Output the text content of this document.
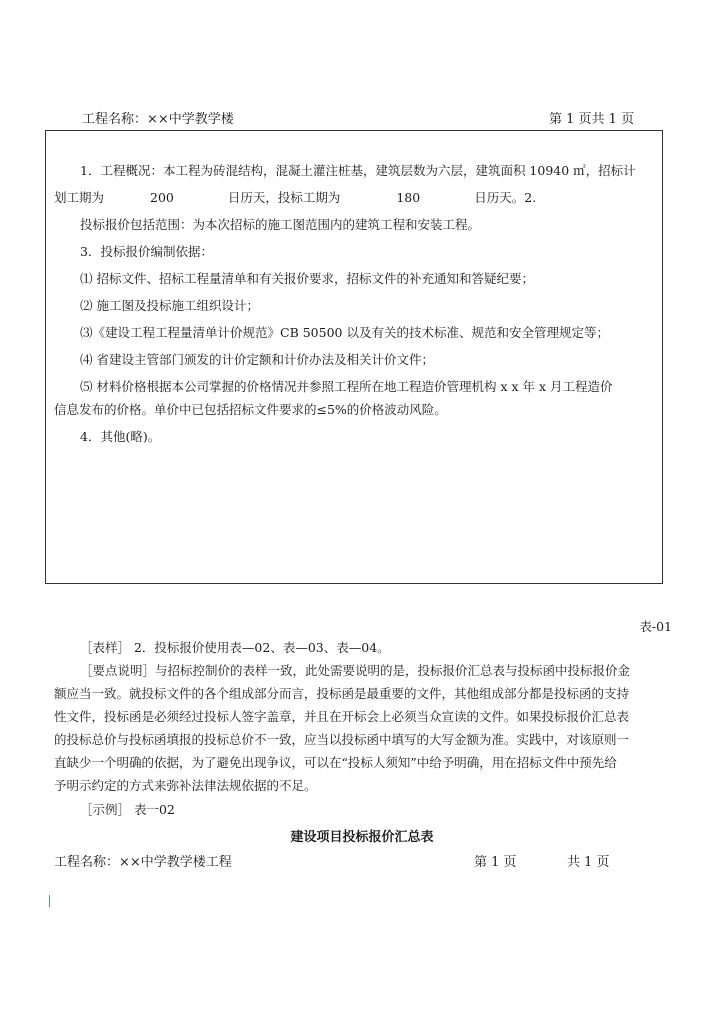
工程名称：××中学教学楼	第 1 页共 1 页
1．工程概况：本工程为砖混结构，混凝土灌注桩基，建筑层数为六层，建筑面积 10940 ㎡，招标计
划工期为	200	日历天，投标工期为	180	日历天。2.
投标报价包括范围：为本次招标的施工图范围内的建筑工程和安装工程。
3．投标报价编制依据：
⑴ 招标文件、招标工程量清单和有关报价要求，招标文件的补充通知和答疑纪要；
⑵ 施工图及投标施工组织设计；
⑶《建设工程工程量清单计价规范》CB 50500 以及有关的技术标准、规范和安全管理规定等；
⑷ 省建设主管部门颁发的计价定额和计价办法及相关计价文件；
⑸ 材料价格根据本公司掌握的价格情况并参照工程所在地工程造价管理机构 x x 年 x 月工程造价
信息发布的价格。单价中已包括招标文件要求的≤5%的价格波动风险。
4．其他(略)。
表-01
［表样］ 2．投标报价使用表—02、表—03、表—04。
［要点说明］与招标控制价的表样一致，此处需要说明的是，投标报价汇总表与投标函中投标报价金
额应当一致。就投标文件的各个组成部分而言，投标函是最重要的文件，其他组成部分都是投标函的支持
性文件，投标函是必须经过投标人签字盖章，并且在开标会上必须当众宣读的文件。如果投标报价汇总表
的投标总价与投标函填报的投标总价不一致，应当以投标函中填写的大写金额为准。实践中，对该原则一
直缺少一个明确的依据，为了避免出现争议，可以在“投标人须知”中给予明确，用在招标文件中预先给
予明示约定的方式来弥补法律法规依据的不足。
［示例］ 表一02
建设项目投标报价汇总表
工程名称：××中学教学楼工程	第 1 页	共 1 页
